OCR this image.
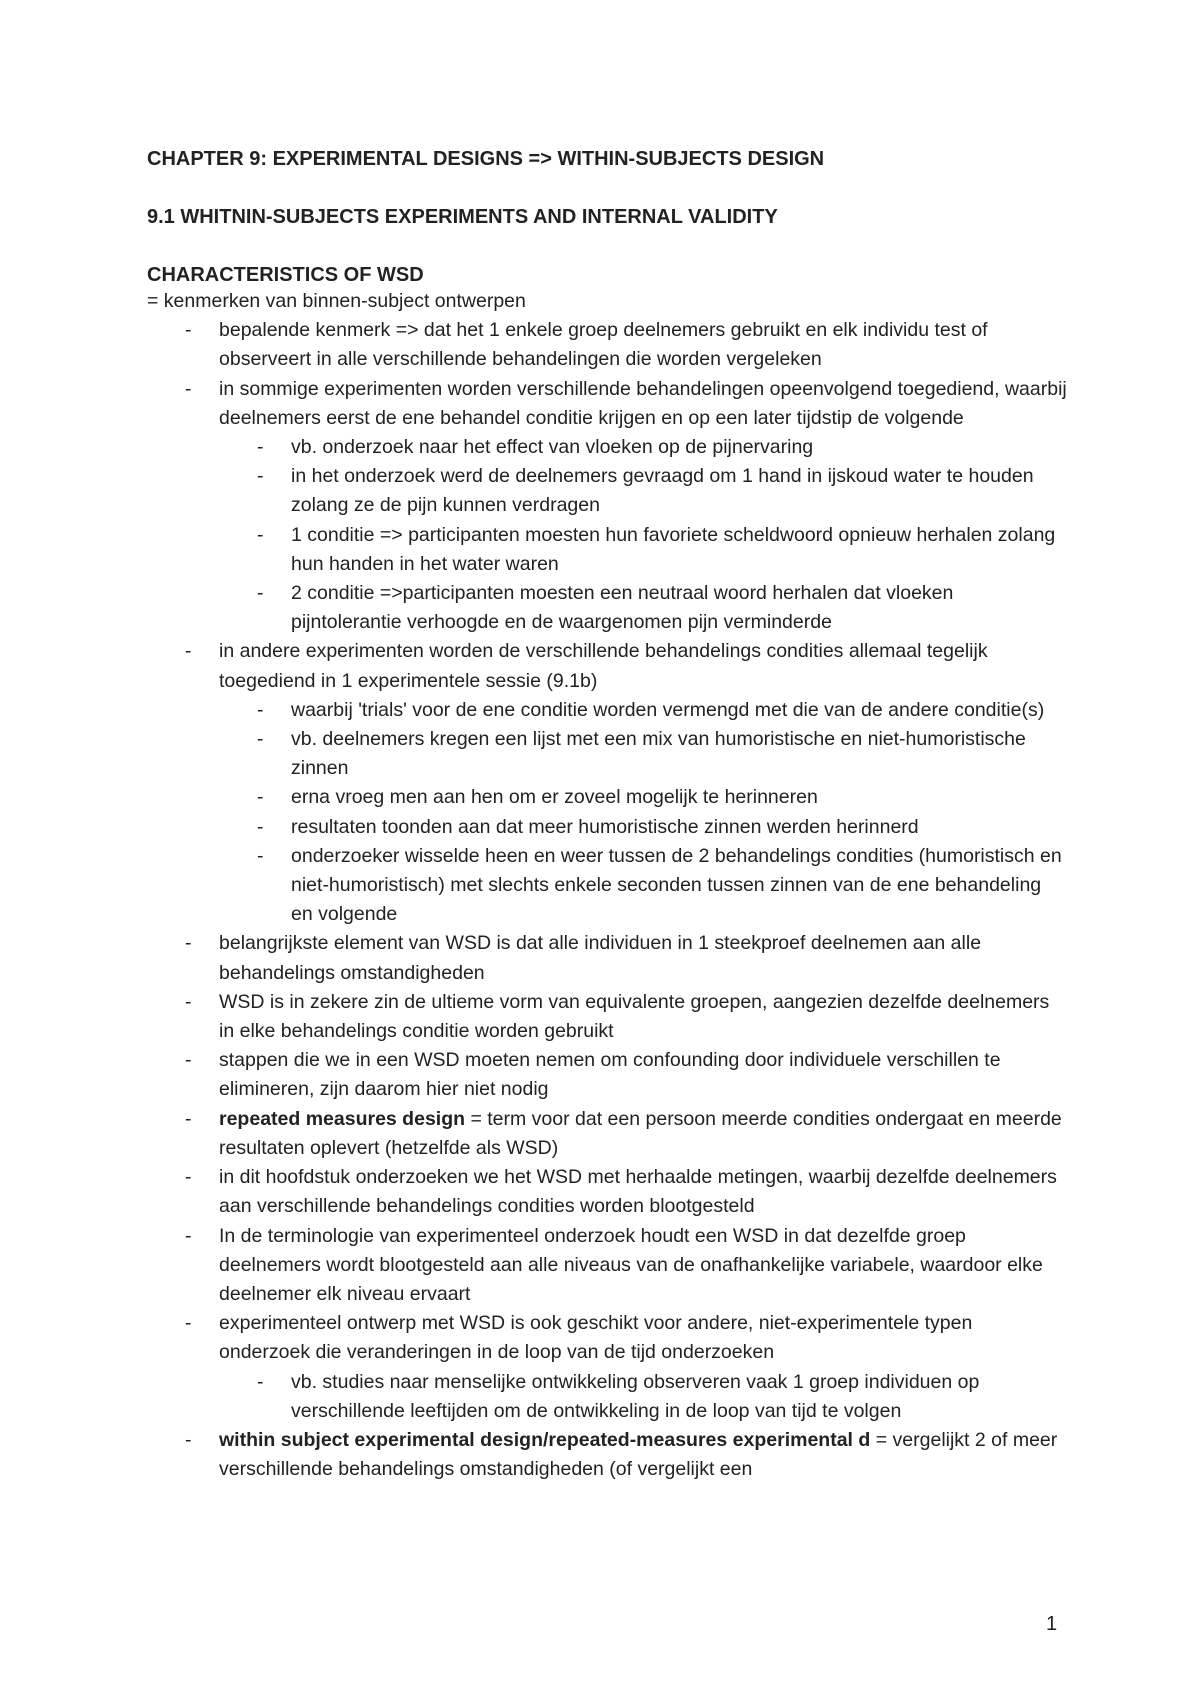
CHAPTER 9: EXPERIMENTAL DESIGNS => WITHIN-SUBJECTS DESIGN
9.1 WHITNIN-SUBJECTS EXPERIMENTS AND INTERNAL VALIDITY
CHARACTERISTICS OF WSD

= kenmerken van binnen-subject ontwerpen

- bepalende kenmerk => dat het 1 enkele groep deelnemers gebruikt en elk individu test of observeert in alle verschillende behandelingen die worden vergeleken
- in sommige experimenten worden verschillende behandelingen opeenvolgend toegediend, waarbij deelnemers eerst de ene behandel conditie krijgen en op een later tijdstip de volgende
- vb. onderzoek naar het effect van vloeken op de pijnervaring
- in het onderzoek werd de deelnemers gevraagd om 1 hand in ijskoud water te houden zolang ze de pijn kunnen verdragen
- 1 conditie => participanten moesten hun favoriete scheldwoord opnieuw herhalen zolang hun handen in het water waren
- 2 conditie =>participanten moesten een neutraal woord herhalen dat vloeken pijntolerantie verhoogde en de waargenomen pijn verminderde
- in andere experimenten worden de verschillende behandelings condities allemaal tegelijk toegediend in 1 experimentele sessie (9.1b)
- waarbij 'trials' voor de ene conditie worden vermengd met die van de andere conditie(s)
- vb. deelnemers kregen een lijst met een mix van humoristische en niet-humoristische zinnen
- erna vroeg men aan hen om er zoveel mogelijk te herinneren
- resultaten toonden aan dat meer humoristische zinnen werden herinnerd
- onderzoeker wisselde heen en weer tussen de 2 behandelings condities (humoristisch en niet-humoristisch) met slechts enkele seconden tussen zinnen van de ene behandeling en volgende
- belangrijkste element van WSD is dat alle individuen in 1 steekproef deelnemen aan alle behandelings omstandigheden
- WSD is in zekere zin de ultieme vorm van equivalente groepen, aangezien dezelfde deelnemers in elke behandelings conditie worden gebruikt
- stappen die we in een WSD moeten nemen om confounding door individuele verschillen te elimineren, zijn daarom hier niet nodig
- repeated measures design = term voor dat een persoon meerde condities ondergaat en meerde resultaten oplevert (hetzelfde als WSD)
- in dit hoofdstuk onderzoeken we het WSD met herhaalde metingen, waarbij dezelfde deelnemers aan verschillende behandelings condities worden blootgesteld
- In de terminologie van experimenteel onderzoek houdt een WSD in dat dezelfde groep deelnemers wordt blootgesteld aan alle niveaus van de onafhankelijke variabele, waardoor elke deelnemer elk niveau ervaart
- experimenteel ontwerp met WSD is ook geschikt voor andere, niet-experimentele typen onderzoek die veranderingen in de loop van de tijd onderzoeken
- vb. studies naar menselijke ontwikkeling observeren vaak 1 groep individuen op verschillende leeftijden om de ontwikkeling in de loop van tijd te volgen
- within subject experimental design/repeated-measures experimental d = vergelijkt 2 of meer verschillende behandelings omstandigheden (of vergelijkt een
1
